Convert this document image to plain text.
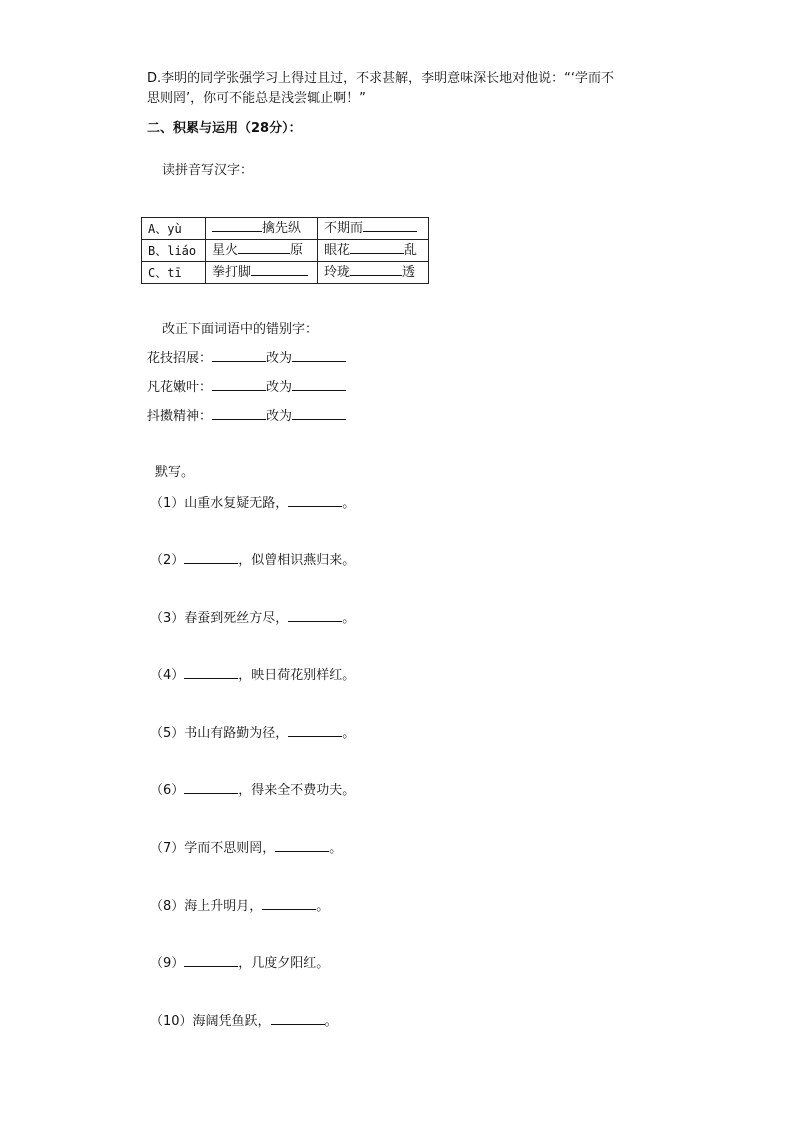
D.李明的同学张强学习上得过且过，不求甚解，李明意味深长地对他说：“‘学而不
思则罔’，你可不能总是浅尝辄止啊！”
二、积累与运用（28分）：
读拼音写汉字：
A、yù	擒先纵	不期而
B、liáo	星火 原	眼花 乱
C、tī	拳打脚	玲珑 透
改正下面词语中的错别字：
花技招展：	改为
凡花嫩叶：	改为
抖擞精神：	改为
默写。
（1）山重水复疑无路，	。
（2）	，似曾相识燕归来。
（3）春蚕到死丝方尽，	。
（4）	，映日荷花别样红。
（5）书山有路勤为径，	。
（6）	，得来全不费功夫。
（7）学而不思则罔，	。
（8）海上升明月，	。
（9）	，几度夕阳红。
（10）海阔凭鱼跃，	。
